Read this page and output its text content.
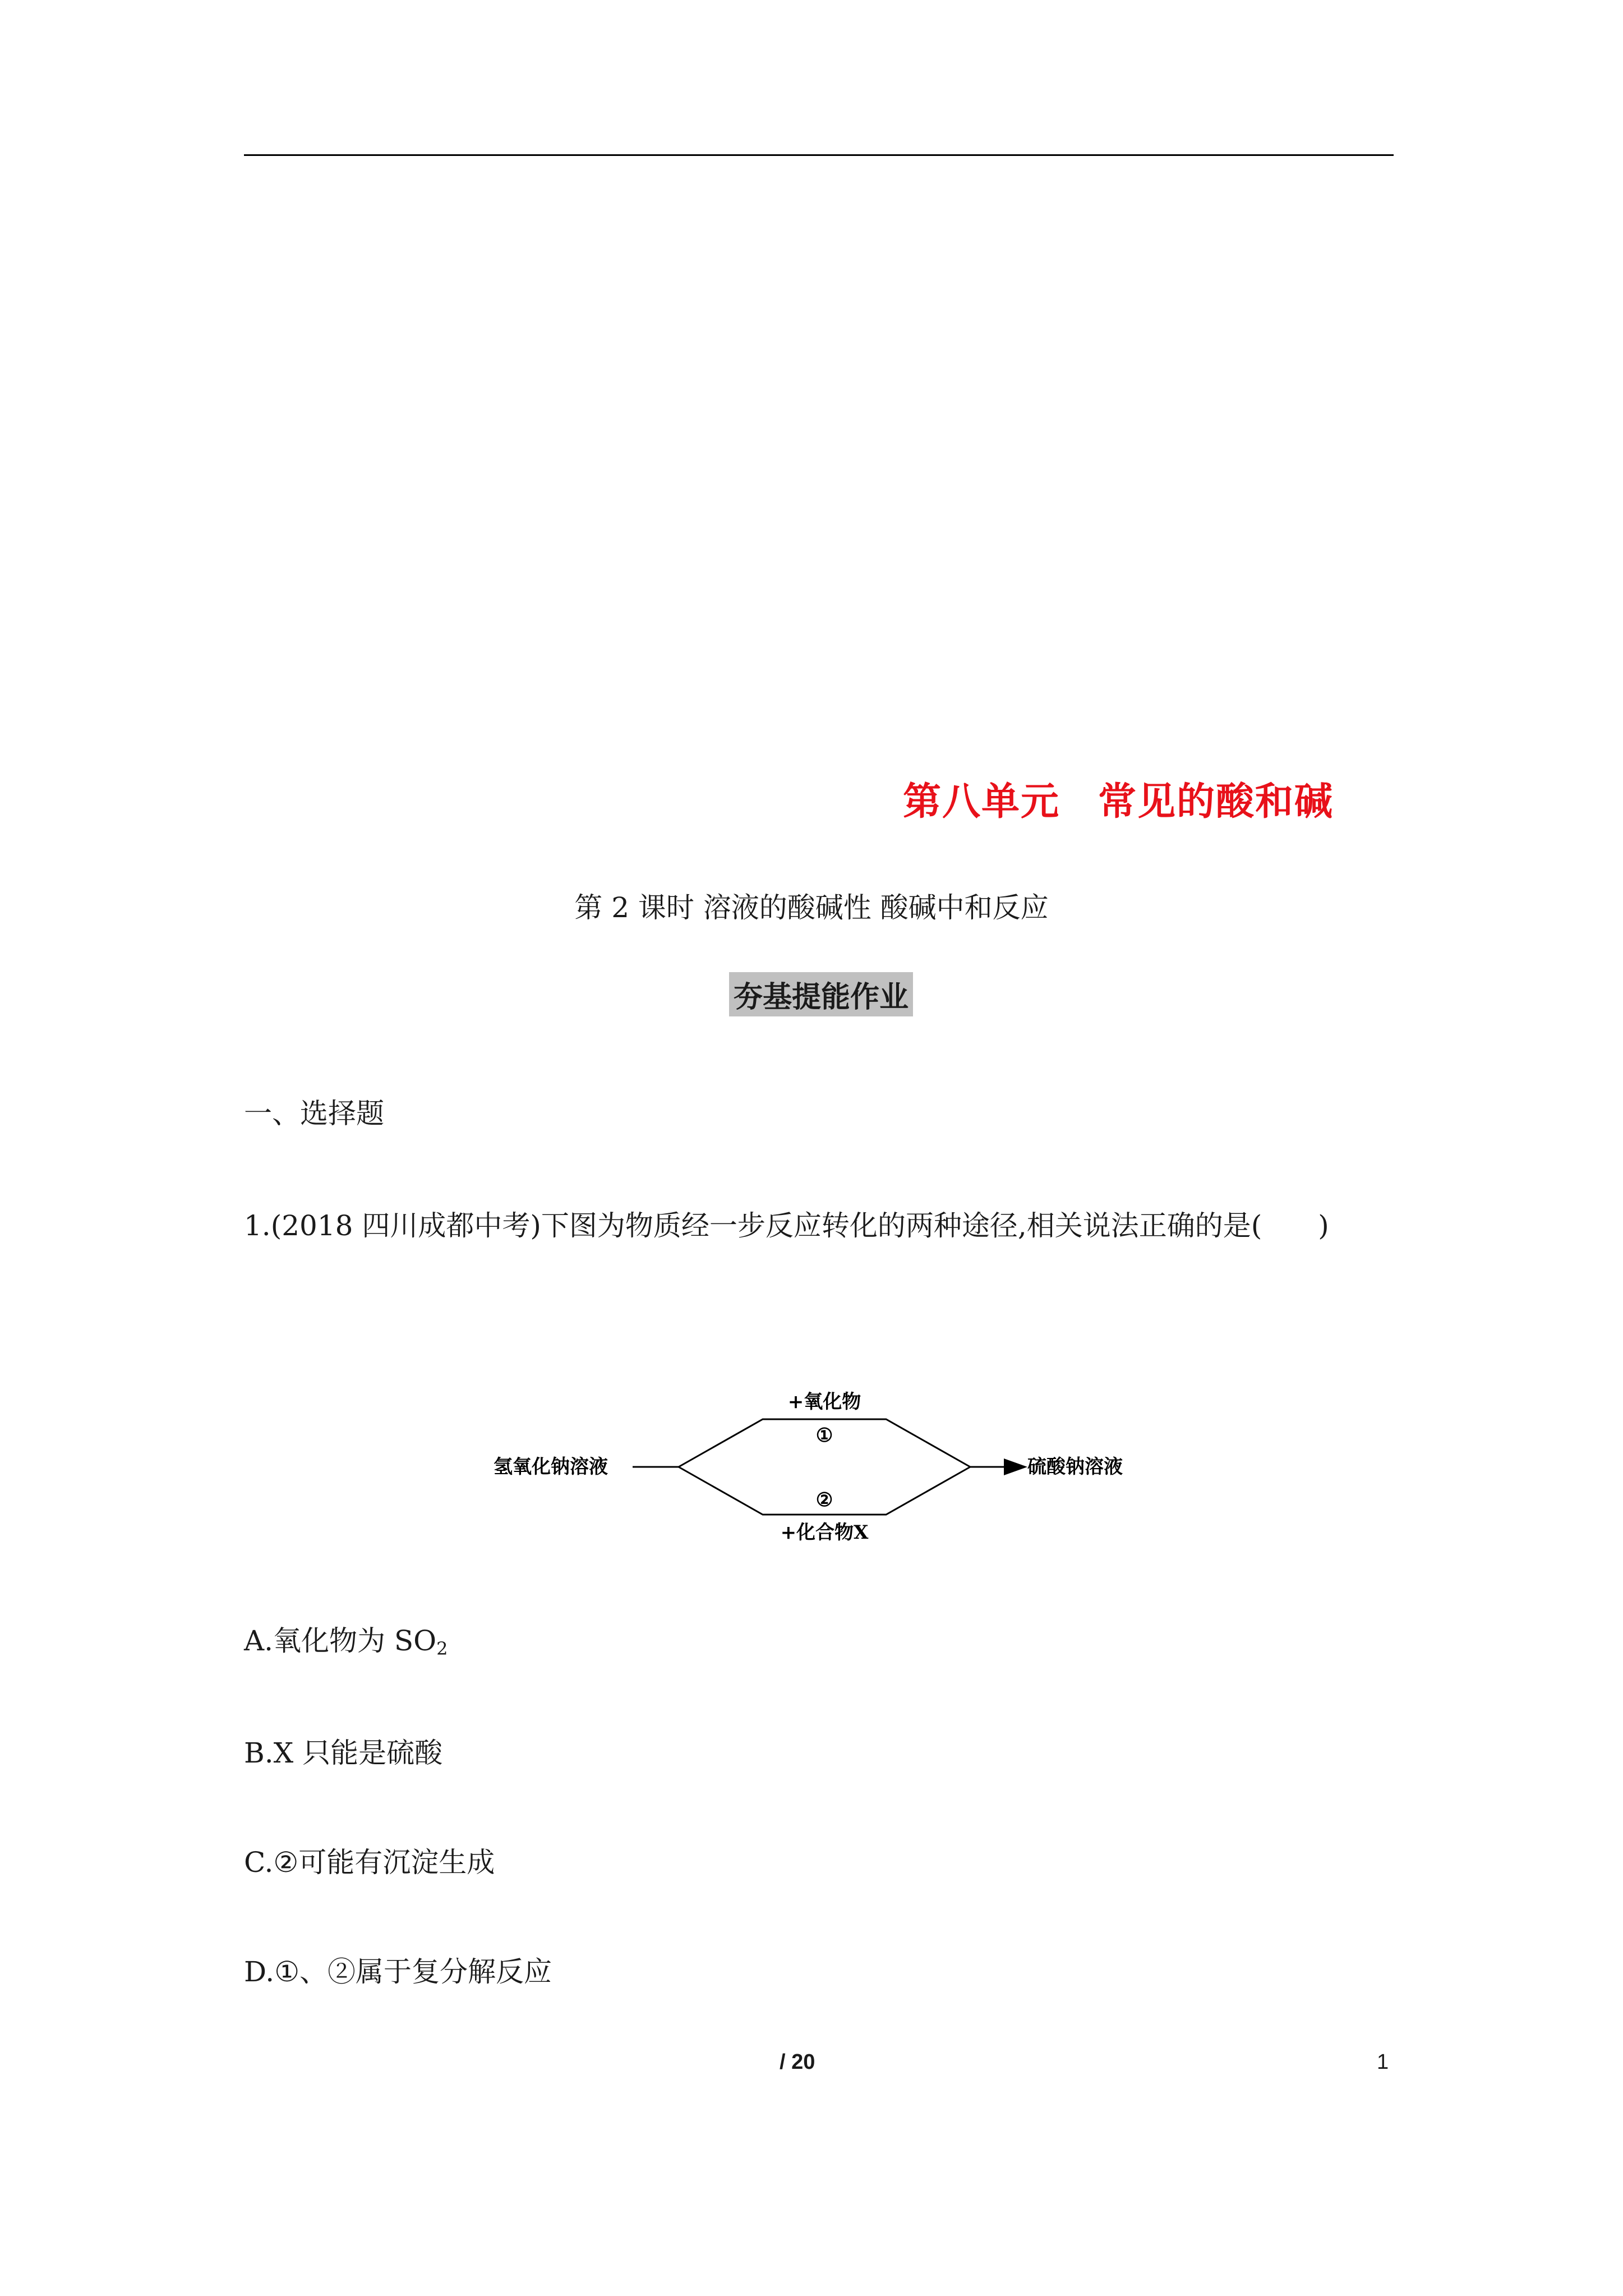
第八单元 常见的酸和碱
第 2 课时 溶液的酸碱性 酸碱中和反应
夯基提能作业
一、选择题
1.(2018 四川成都中考)下图为物质经一步反应转化的两种途径,相关说法正确的是(　　)
氢氧化钠溶液	硫酸钠溶液
+氧化物
①
②
+化合物X
A.氧化物为 $SO_2$
B.X 只能是硫酸
C.②可能有沉淀生成
D.①、②属于复分解反应
/ 20	1
